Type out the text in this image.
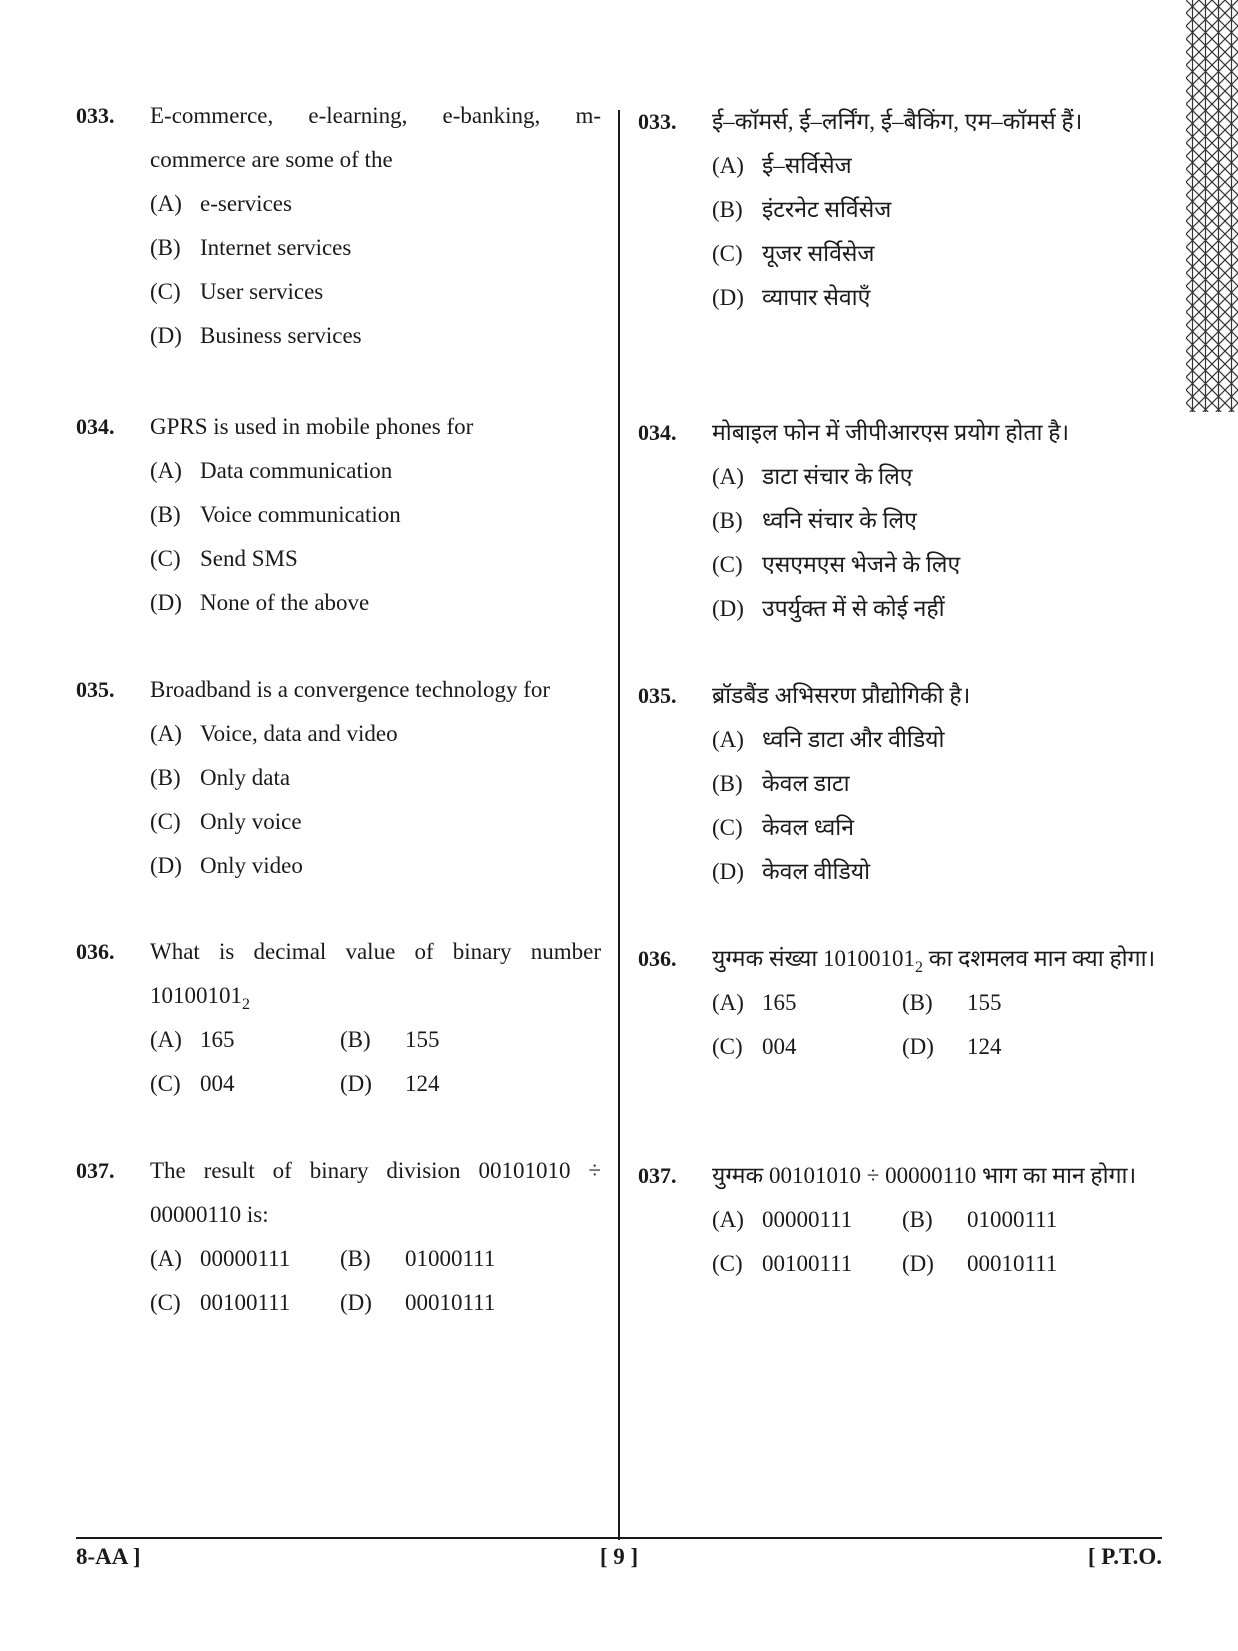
033. E-commerce, e-learning, e-banking, m-commerce are some of the
(A) e-services
(B) Internet services
(C) User services
(D) Business services
034. GPRS is used in mobile phones for
(A) Data communication
(B) Voice communication
(C) Send SMS
(D) None of the above
035. Broadband is a convergence technology for
(A) Voice, data and video
(B) Only data
(C) Only voice
(D) Only video
036. What is decimal value of binary number
$10100101_2$
(A) 165	(B) 155
(C) 004	(D) 124
037. The result of binary division 00101010 ÷ 00000110 is:
(A) 00000111	(B) 01000111
(C) 00100111	(D) 00010111
033. ई–कॉमर्स, ई–लर्निंग, ई–बैकिंग, एम–कॉमर्स हैं।
(A) ई–सर्विसेज
(B) इंटरनेट सर्विसेज
(C) यूजर सर्विसेज
(D) व्यापार सेवाएँ
034. मोबाइल फोन में जीपीआरएस प्रयोग होता है।
(A) डाटा संचार के लिए
(B) ध्वनि संचार के लिए
(C) एसएमएस भेजने के लिए
(D) उपर्युक्त में से कोई नहीं
035. ब्रॉडबैंड अभिसरण प्रौद्योगिकी है।
(A) ध्वनि डाटा और वीडियो
(B) केवल डाटा
(C) केवल ध्वनि
(D) केवल वीडियो
036. युग्मक संख्या $10100101_2$ का दशमलव मान क्या होगा।
(A) 165	(B) 155
(C) 004	(D) 124
037. युग्मक 00101010 ÷ 00000110 भाग का मान होगा।
(A) 00000111	(B) 01000111
(C) 00100111	(D) 00010111
8-AA ]	[ 9 ]	[ P.T.O.
